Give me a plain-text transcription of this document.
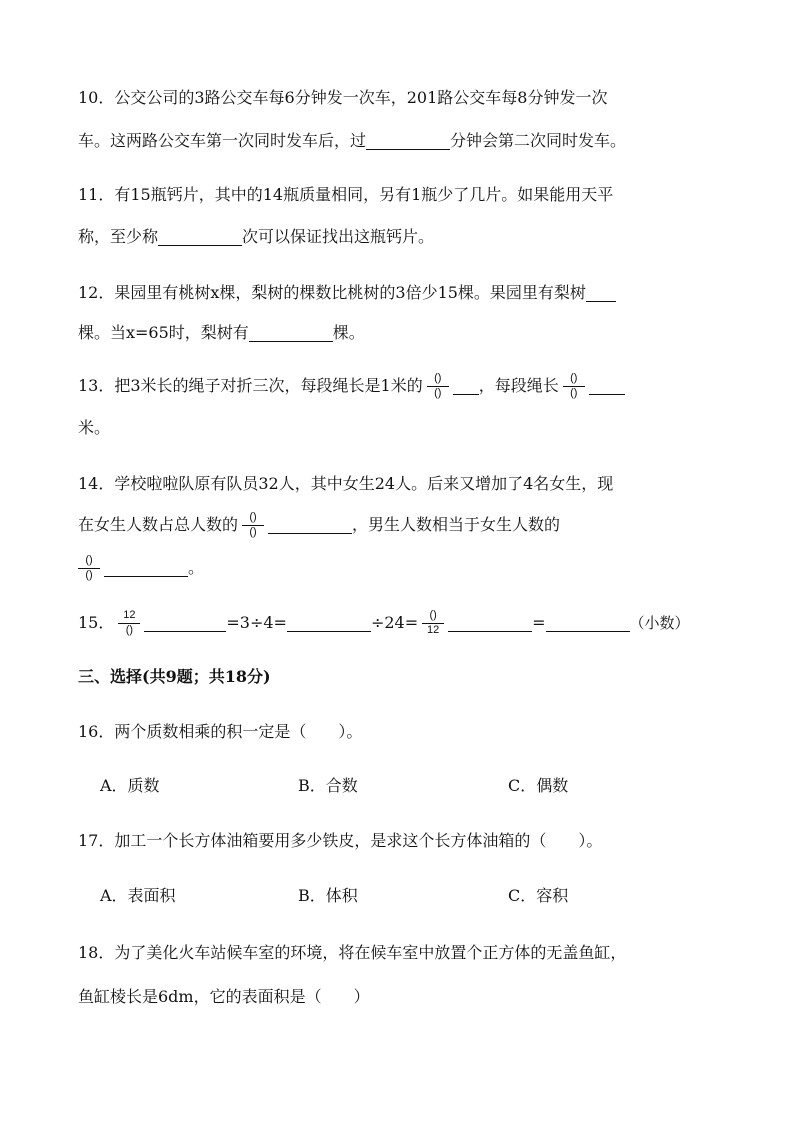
10．公交公司的3路公交车每6分钟发一次车，201路公交车每8分钟发一次
车。这两路公交车第一次同时发车后，过	分钟会第二次同时发车。
11．有15瓶钙片，其中的14瓶质量相同，另有1瓶少了几片。如果能用天平
称，至少称	次可以保证找出这瓶钙片。
12．果园里有桃树x棵，梨树的棵数比桃树的3倍少15棵。果园里有梨树
棵。当x=65时，梨树有	棵。
13．把3米长的绳子对折三次，每段绳长是1米的 $\frac{()}{()}$ ，每段绳长 $\frac{()}{()}$
米。
14．学校啦啦队原有队员32人，其中女生24人。后来又增加了4名女生，现
在女生人数占总人数的 $\frac{()}{()}$	，男生人数相当于女生人数的
$\frac{()}{()}$	。
15． $\frac{12}{()}$	=3÷4=	$\div 24= \frac{()}{12}$	=	（小数）
三、选择(共9题；共18分)
16．两个质数相乘的积一定是（　　）。
A．质数	B．合数	C．偶数
17．加工一个长方体油箱要用多少铁皮，是求这个长方体油箱的（　　）。
A．表面积	B．体积	C．容积
18．为了美化火车站候车室的环境，将在候车室中放置个正方体的无盖鱼缸，
鱼缸棱长是6dm，它的表面积是（　　）
